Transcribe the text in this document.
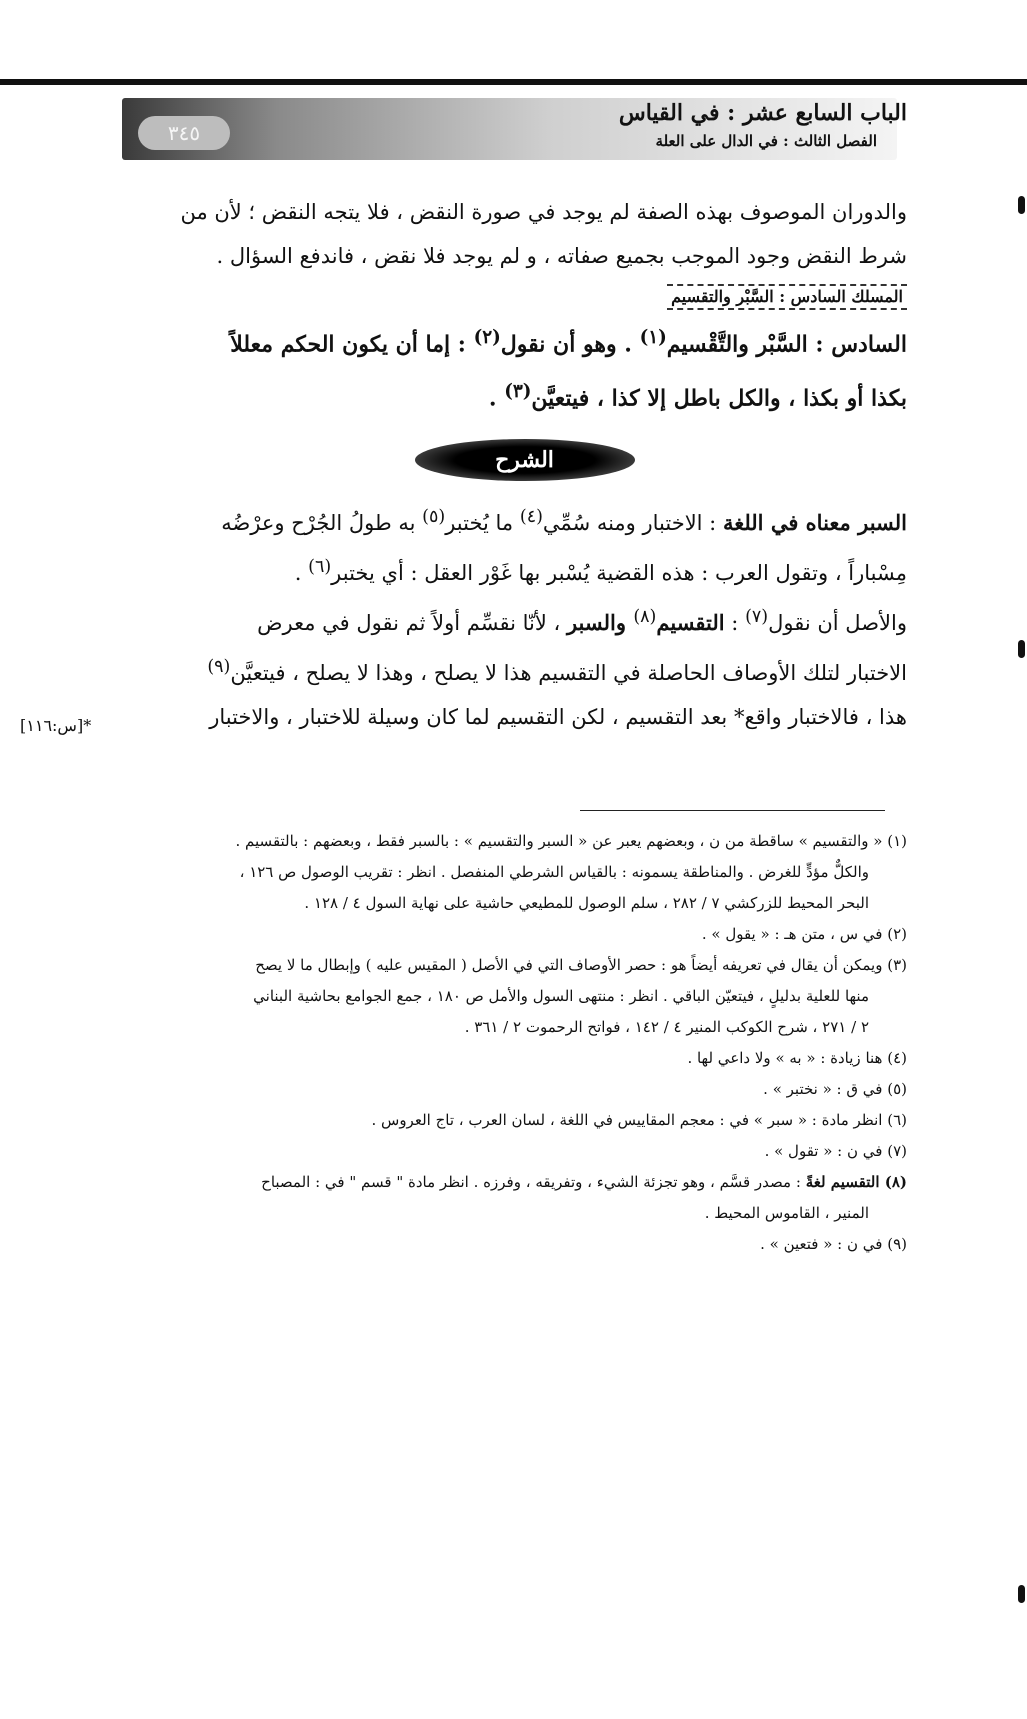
٣٤٥
الباب السابع عشر : في القياس
الفصل الثالث : في الدال على العلة

والدوران الموصوف بهذه الصفة لم يوجد في صورة النقض ، فلا يتجه النقض ؛ لأن من

شرط النقض وجود الموجب بجميع صفاته ، و لم يوجد فلا نقض ، فاندفع السؤال .

المسلك السادس : السَّبْر والتقسيم

السادس : السَّبْر والتَّقْسيم$^{(١)}$ . وهو أن نقول$^{(٢)}$ : إما أن يكون الحكم معللاً

بكذا أو بكذا ، والكل باطل إلا كذا ، فيتعيَّن$^{(٣)}$ .

الشرح

السبر معناه في اللغة : الاختبار ومنه سُمِّي$^{(٤)}$ ما يُختبر$^{(٥)}$ به طولُ الجُرْح وعرْضُه

مِسْباراً ، وتقول العرب : هذه القضية يُسْبر بها غَوْر العقل : أي يختبر$^{(٦)}$ .

والأصل أن نقول$^{(٧)}$ : التقسيم$^{(٨)}$ والسبر ، لأنّا نقسِّم أولاً ثم نقول في معرض

الاختبار لتلك الأوصاف الحاصلة في التقسيم هذا لا يصلح ، وهذا لا يصلح ، فيتعيَّن$^{(٩)}$

هذا ، فالاختبار واقع* بعد التقسيم ، لكن التقسيم لما كان وسيلة للاختبار ، والاختبار

*[س:١١٦]

(١) « والتقسيم » ساقطة من ن ، وبعضهم يعبر عن « السبر والتقسيم » : بالسبر فقط ، وبعضهم : بالتقسيم .

والكلٌّ مؤدٍّ للغرض . والمناطقة يسمونه : بالقياس الشرطي المنفصل . انظر : تقريب الوصول ص ١٢٦ ،

البحر المحيط للزركشي ٧ / ٢٨٢ ، سلم الوصول للمطيعي حاشية على نهاية السول ٤ / ١٢٨ .

(٢) في س ، متن هـ : « يقول » .

(٣) ويمكن أن يقال في تعريفه أيضاً هو : حصر الأوصاف التي في الأصل ( المقيس عليه ) وإبطال ما لا يصح

منها للعلية بدليلٍ ، فيتعيّن الباقي . انظر : منتهى السول والأمل ص ١٨٠ ، جمع الجوامع بحاشية البناني

٢ / ٢٧١ ، شرح الكوكب المنير ٤ / ١٤٢ ، فواتح الرحموت ٢ / ٣٦١ .

(٤) هنا زيادة : « به » ولا داعي لها .

(٥) في ق : « نختبر » .

(٦) انظر مادة : « سبر » في : معجم المقاييس في اللغة ، لسان العرب ، تاج العروس .

(٧) في ن : « تقول » .

(٨) التقسيم لغةً : مصدر قسَّم ، وهو تجزئة الشيء ، وتفريقه ، وفرزه . انظر مادة " قسم " في : المصباح

المنير ، القاموس المحيط .

(٩) في ن : « فتعين » .
